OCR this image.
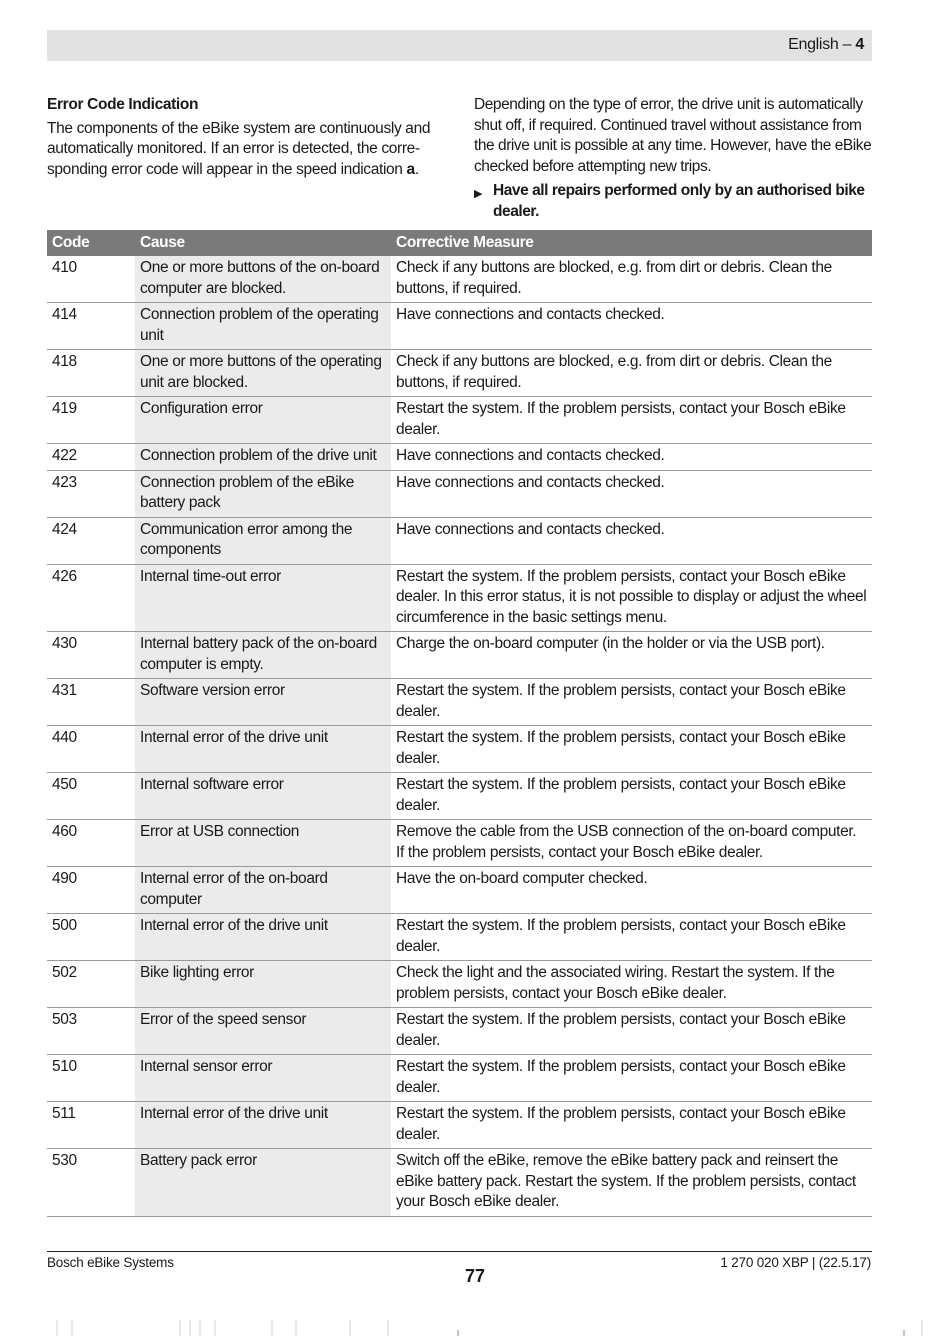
English – 4
Error Code Indication

The components of the eBike system are continuously and automatically monitored. If an error is detected, the corre- sponding error code will appear in the speed indication a.

Depending on the type of error, the drive unit is automatically shut off, if required. Continued travel without assistance from the drive unit is possible at any time. However, have the eBike checked before attempting new trips.

▶ Have all repairs performed only by an authorised bike dealer.
Code	Cause	Corrective Measure
410	One or more buttons of the on-board computer are blocked.	Check if any buttons are blocked, e.g. from dirt or debris. Clean the buttons, if required.
414	Connection problem of the operating unit	Have connections and contacts checked.
418	One or more buttons of the operating unit are blocked.	Check if any buttons are blocked, e.g. from dirt or debris. Clean the buttons, if required.
419	Configuration error	Restart the system. If the problem persists, contact your Bosch eBike dealer.
422	Connection problem of the drive unit	Have connections and contacts checked.
423	Connection problem of the eBike battery pack	Have connections and contacts checked.
424	Communication error among the components	Have connections and contacts checked.
426	Internal time-out error	Restart the system. If the problem persists, contact your Bosch eBike dealer. In this error status, it is not possible to display or adjust the wheel circumference in the basic settings menu.
430	Internal battery pack of the on-board computer is empty.	Charge the on-board computer (in the holder or via the USB port).
431	Software version error	Restart the system. If the problem persists, contact your Bosch eBike dealer.
440	Internal error of the drive unit	Restart the system. If the problem persists, contact your Bosch eBike dealer.
450	Internal software error	Restart the system. If the problem persists, contact your Bosch eBike dealer.
460	Error at USB connection	Remove the cable from the USB connection of the on-board computer. If the problem persists, contact your Bosch eBike dealer.
490	Internal error of the on-board computer	Have the on-board computer checked.
500	Internal error of the drive unit	Restart the system. If the problem persists, contact your Bosch eBike dealer.
502	Bike lighting error	Check the light and the associated wiring. Restart the system. If the problem persists, contact your Bosch eBike dealer.
503	Error of the speed sensor	Restart the system. If the problem persists, contact your Bosch eBike dealer.
510	Internal sensor error	Restart the system. If the problem persists, contact your Bosch eBike dealer.
511	Internal error of the drive unit	Restart the system. If the problem persists, contact your Bosch eBike dealer.
530	Battery pack error	Switch off the eBike, remove the eBike battery pack and reinsert the eBike battery pack. Restart the system. If the problem persists, contact your Bosch eBike dealer.
Bosch eBike Systems
77
1 270 020 XBP | (22.5.17)
